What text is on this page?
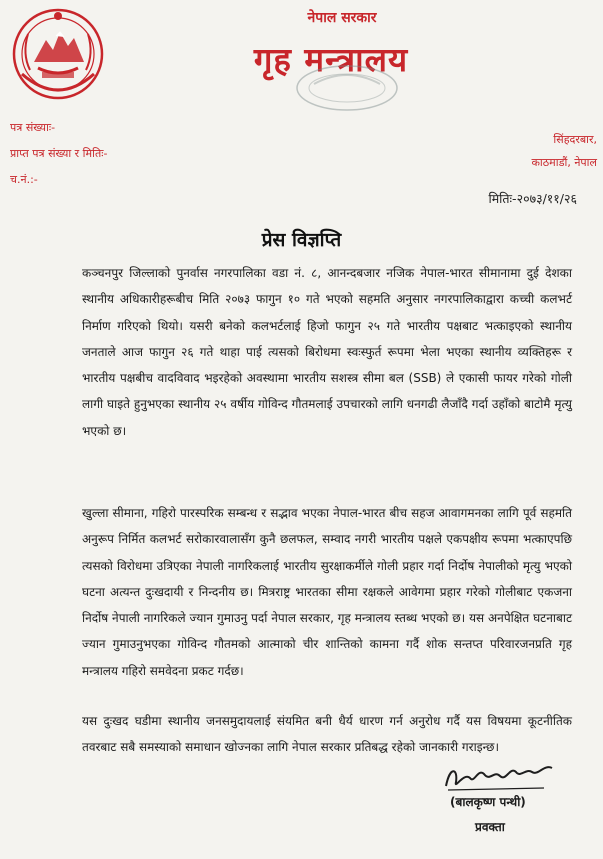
नेपाल सरकार
गृह मन्त्रालय
पत्र संख्याः-
प्राप्त पत्र संख्या र मितिः-
च.नं.:-
सिंहदरबार,
काठमाडौं, नेपाल
मितिः-२०७३/११/२६
प्रेस विज्ञप्ति
कञ्चनपुर जिल्लाको पुनर्वास नगरपालिका वडा नं. ८, आनन्दबजार नजिक नेपाल-भारत सीमानामा दुई देशका स्थानीय अधिकारीहरूबीच मिति २०७३ फागुन १० गते भएको सहमति अनुसार नगरपालिकाद्वारा कच्ची कलभर्ट निर्माण गरिएको थियो। यसरी बनेको कलभर्टलाई हिजो फागुन २५ गते भारतीय पक्षबाट भत्काइएको स्थानीय जनताले आज फागुन २६ गते थाहा पाई त्यसको बिरोधमा स्वःस्फुर्त रूपमा भेला भएका स्थानीय व्यक्तिहरू र भारतीय पक्षबीच वादविवाद भइरहेको अवस्थामा भारतीय सशस्त्र सीमा बल (SSB) ले एकासी फायर गरेको गोली लागी घाइते हुनुभएका स्थानीय २५ वर्षीय गोविन्द गौतमलाई उपचारको लागि धनगढी लैजाँदै गर्दा उहाँको बाटोमै मृत्यु भएको छ।
खुल्ला सीमाना, गहिरो पारस्परिक सम्बन्ध र सद्भाव भएका नेपाल-भारत बीच सहज आवागमनका लागि पूर्व सहमति अनुरूप निर्मित कलभर्ट सरोकारवालासँग कुनै छलफल, सम्वाद नगरी भारतीय पक्षले एकपक्षीय रूपमा भत्काएपछि त्यसको विरोधमा उत्रिएका नेपाली नागरिकलाई भारतीय सुरक्षाकर्मीले गोली प्रहार गर्दा निर्दोष नेपालीको मृत्यु भएको घटना अत्यन्त दुःखदायी र निन्दनीय छ। मित्रराष्ट्र भारतका सीमा रक्षकले आवेगमा प्रहार गरेको गोलीबाट एकजना निर्दोष नेपाली नागरिकले ज्यान गुमाउनु पर्दा नेपाल सरकार, गृह मन्त्रालय स्तब्ध भएको छ। यस अनपेक्षित घटनाबाट ज्यान गुमाउनुभएका गोविन्द गौतमको आत्माको चीर शान्तिको कामना गर्दै शोक सन्तप्त परिवारजनप्रति गृह मन्त्रालय गहिरो समवेदना प्रकट गर्दछ।
यस दुःखद घडीमा स्थानीय जनसमुदायलाई संयमित बनी धैर्य धारण गर्न अनुरोध गर्दै यस विषयमा कूटनीतिक तवरबाट सबै समस्याको समाधान खोज्नका लागि नेपाल सरकार प्रतिबद्ध रहेको जानकारी गराइन्छ।
(बालकृष्ण पन्थी)
प्रवक्ता
